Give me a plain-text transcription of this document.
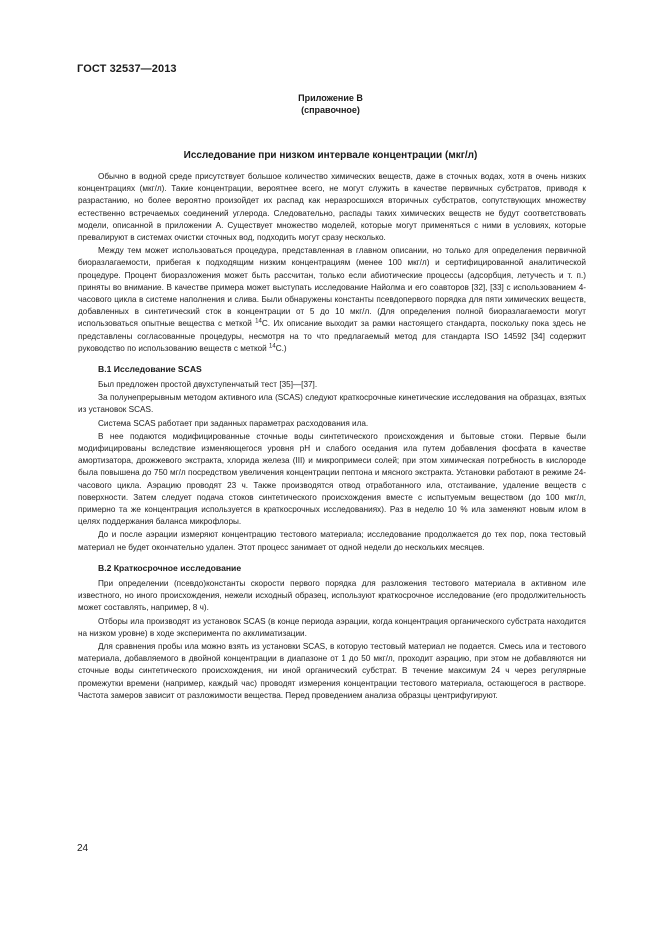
ГОСТ 32537—2013
Приложение В
(справочное)
Исследование при низком интервале концентрации (мкг/л)

Обычно в водной среде присутствует большое количество химических веществ, даже в сточных водах, хотя в очень низких концентрациях (мкг/л). Такие концентрации, вероятнее всего, не могут служить в качестве первичных субстратов, приводя к разрастанию, но более вероятно произойдет их распад как неразросшихся вторичных субстратов, сопутствующих множеству естественно встречаемых соединений углерода. Следовательно, распады таких химических веществ не будут соответствовать модели, описанной в приложении А. Существует множество моделей, которые могут применяться с ними в условиях, которые превалируют в системах очистки сточных вод, подходить могут сразу несколько.

Между тем может использоваться процедура, представленная в главном описании, но только для определения первичной биоразлагаемости, прибегая к подходящим низким концентрациям (менее 100 мкг/л) и сертифицированной аналитической процедуре. Процент биоразложения может быть рассчитан, только если абиотические процессы (адсорбция, летучесть и т. п.) приняты во внимание. В качестве примера может выступать исследование Найолма и его соавторов [32], [33] с использованием 4-часового цикла в системе наполнения и слива. Были обнаружены константы псевдопервого порядка для пяти химических веществ, добавленных в синтетический сток в концентрации от 5 до 10 мкг/л. (Для определения полной биоразлагаемости могут использоваться опытные вещества с меткой $^{14}$С. Их описание выходит за рамки настоящего стандарта, поскольку пока здесь не представлены согласованные процедуры, несмотря на то что предлагаемый метод для стандарта ISO 14592 [34] содержит руководство по использованию веществ с меткой $^{14}$С.)

В.1 Исследование SCAS

Был предложен простой двухступенчатый тест [35]—[37].

За полунепрерывным методом активного ила (SCAS) следуют краткосрочные кинетические исследования на образцах, взятых из установок SCAS.

Система SCAS работает при заданных параметрах расходования ила.

В нее подаются модифицированные сточные воды синтетического происхождения и бытовые стоки. Первые были модифицированы вследствие изменяющегося уровня рН и слабого оседания ила путем добавления фосфата в качестве амортизатора, дрожжевого экстракта, хлорида железа (III) и микропримеси солей; при этом химическая потребность в кислороде была повышена до 750 мг/л посредством увеличения концентрации пептона и мясного экстракта. Установки работают в режиме 24-часового цикла. Аэрацию проводят 23 ч. Также производятся отвод отработанного ила, отстаивание, удаление веществ с поверхности. Затем следует подача стоков синтетического происхождения вместе с испытуемым веществом (до 100 мкг/л, примерно та же концентрация используется в краткосрочных исследованиях). Раз в неделю 10 % ила заменяют новым илом в целях поддержания баланса микрофлоры.

До и после аэрации измеряют концентрацию тестового материала; исследование продолжается до тех пор, пока тестовый материал не будет окончательно удален. Этот процесс занимает от одной недели до нескольких месяцев.

В.2 Краткосрочное исследование

При определении (псевдо)константы скорости первого порядка для разложения тестового материала в активном иле известного, но иного происхождения, нежели исходный образец, используют краткосрочное исследование (его продолжительность может составлять, например, 8 ч).

Отборы ила производят из установок SCAS (в конце периода аэрации, когда концентрация органического субстрата находится на низком уровне) в ходе эксперимента по акклиматизации.

Для сравнения пробы ила можно взять из установки SCAS, в которую тестовый материал не подается. Смесь ила и тестового материала, добавляемого в двойной концентрации в диапазоне от 1 до 50 мкг/л, проходит аэрацию, при этом не добавляются ни сточные воды синтетического происхождения, ни иной органический субстрат. В течение максимум 24 ч через регулярные промежутки времени (например, каждый час) проводят измерения концентрации тестового материала, остающегося в растворе. Частота замеров зависит от разложимости вещества. Перед проведением анализа образцы центрифугируют.

24
